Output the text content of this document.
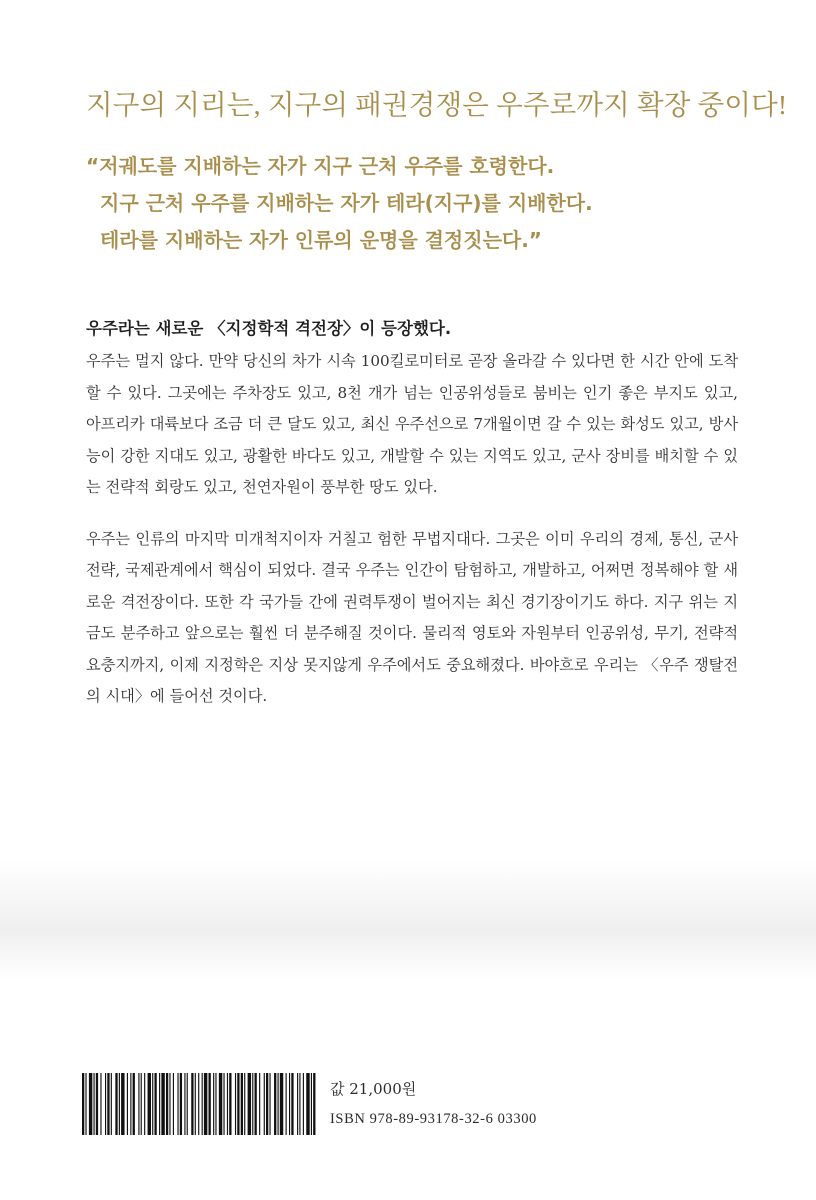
지구의 지리는, 지구의 패권경쟁은 우주로까지 확장 중이다!
“저궤도를 지배하는 자가 지구 근처 우주를 호령한다.
지구 근처 우주를 지배하는 자가 테라(지구)를 지배한다.
테라를 지배하는 자가 인류의 운명을 결정짓는다.”
우주라는 새로운 〈지정학적 격전장〉이 등장했다.

우주는 멀지 않다. 만약 당신의 차가 시속 100킬로미터로 곧장 올라갈 수 있다면 한 시간 안에 도착할 수 있다. 그곳에는 주차장도 있고, 8천 개가 넘는 인공위성들로 붐비는 인기 좋은 부지도 있고, 아프리카 대륙보다 조금 더 큰 달도 있고, 최신 우주선으로 7개월이면 갈 수 있는 화성도 있고, 방사능이 강한 지대도 있고, 광활한 바다도 있고, 개발할 수 있는 지역도 있고, 군사 장비를 배치할 수 있는 전략적 회랑도 있고, 천연자원이 풍부한 땅도 있다.

우주는 인류의 마지막 미개척지이자 거칠고 험한 무법지대다. 그곳은 이미 우리의 경제, 통신, 군사전략, 국제관계에서 핵심이 되었다. 결국 우주는 인간이 탐험하고, 개발하고, 어쩌면 정복해야 할 새로운 격전장이다. 또한 각 국가들 간에 권력투쟁이 벌어지는 최신 경기장이기도 하다. 지구 위는 지금도 분주하고 앞으로는 훨씬 더 분주해질 것이다. 물리적 영토와 자원부터 인공위성, 무기, 전략적 요충지까지, 이제 지정학은 지상 못지않게 우주에서도 중요해졌다. 바야흐로 우리는 〈우주 쟁탈전의 시대〉에 들어선 것이다.

값 21,000원
ISBN 978-89-93178-32-6 03300
